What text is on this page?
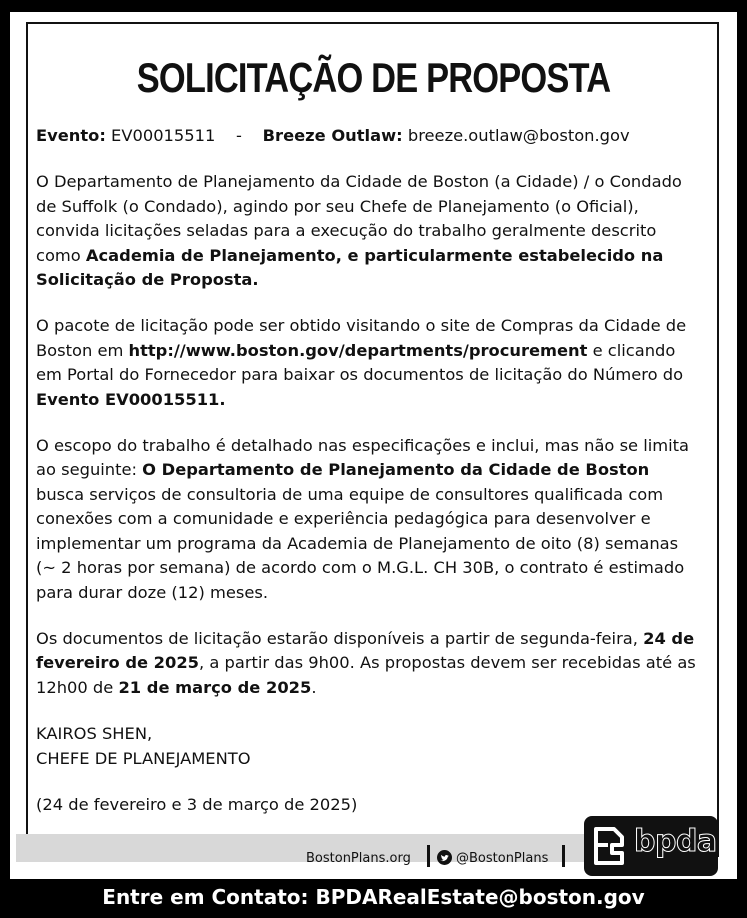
SOLICITAÇÃO DE PROPOSTA

Evento: EV00015511 - Breeze Outlaw: breeze.outlaw@boston.gov

O Departamento de Planejamento da Cidade de Boston (a Cidade) / o Condado de Suffolk (o Condado), agindo por seu Chefe de Planejamento (o Oficial), convida licitações seladas para a execução do trabalho geralmente descrito como Academia de Planejamento, e particularmente estabelecido na Solicitação de Proposta.

O pacote de licitação pode ser obtido visitando o site de Compras da Cidade de Boston em http://www.boston.gov/departments/procurement e clicando em Portal do Fornecedor para baixar os documentos de licitação do Número do Evento EV00015511.

O escopo do trabalho é detalhado nas especificações e inclui, mas não se limita ao seguinte: O Departamento de Planejamento da Cidade de Boston busca serviços de consultoria de uma equipe de consultores qualificada com conexões com a comunidade e experiência pedagógica para desenvolver e implementar um programa da Academia de Planejamento de oito (8) semanas (~ 2 horas por semana) de acordo com o M.G.L. CH 30B, o contrato é estimado para durar doze (12) meses.

Os documentos de licitação estarão disponíveis a partir de segunda-feira, 24 de fevereiro de 2025, a partir das 9h00. As propostas devem ser recebidas até as 12h00 de 21 de março de 2025.

KAIROS SHEN,
CHEFE DE PLANEJAMENTO
(24 de fevereiro e 3 de março de 2025)
BostonPlans.org	@BostonPlans	bpda
Entre em Contato: BPDARealEstate@boston.gov
